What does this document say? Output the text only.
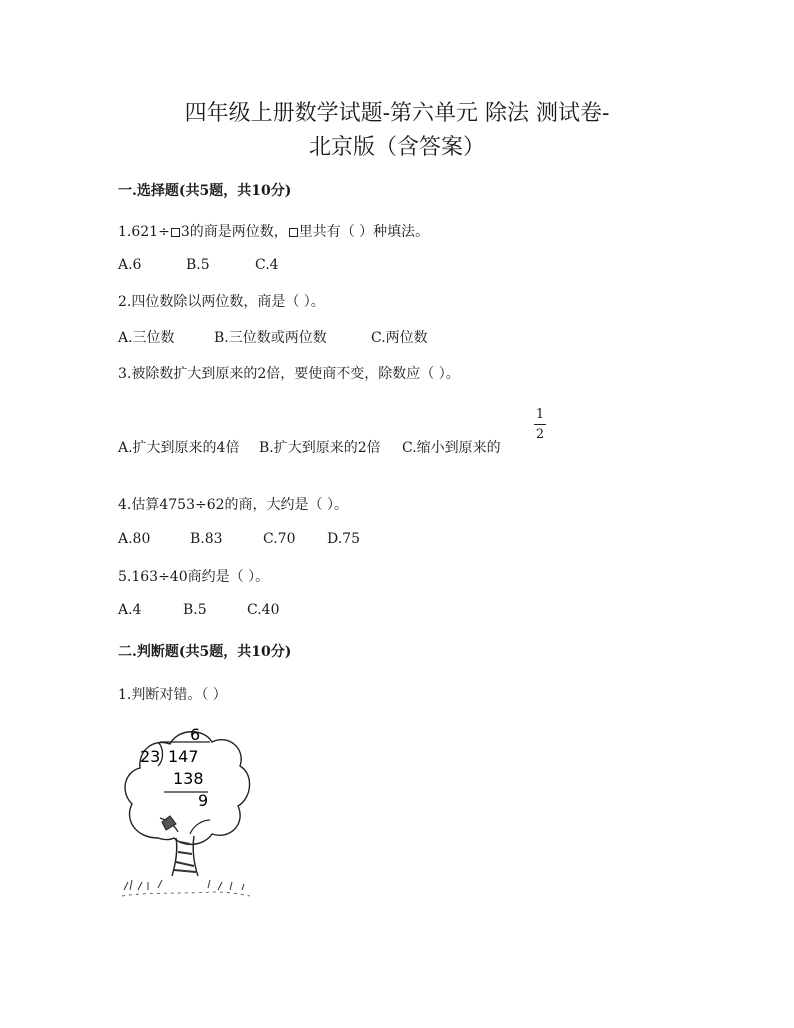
四年级上册数学试题-第六单元 除法 测试卷-
北京版（含答案）
一.选择题(共5题，共10分)
1.621÷ 3的商是两位数， 里共有（ ）种填法。
A.6	B.5	C.4
2.四位数除以两位数，商是（ ）。
A.三位数	B.三位数或两位数	C.两位数
3.被除数扩大到原来的2倍，要使商不变，除数应（ ）。
A.扩大到原来的4倍 B.扩大到原来的2倍 C.缩小到原来的
1
2
4.估算4753÷62的商，大约是（ ）。
A.80	B.83	C.70 D.75
5.163÷40商约是（ ）。
A.4	B.5	C.40
二.判断题(共5题，共10分)
1.判断对错。（ ）
6
23 147
138
9
